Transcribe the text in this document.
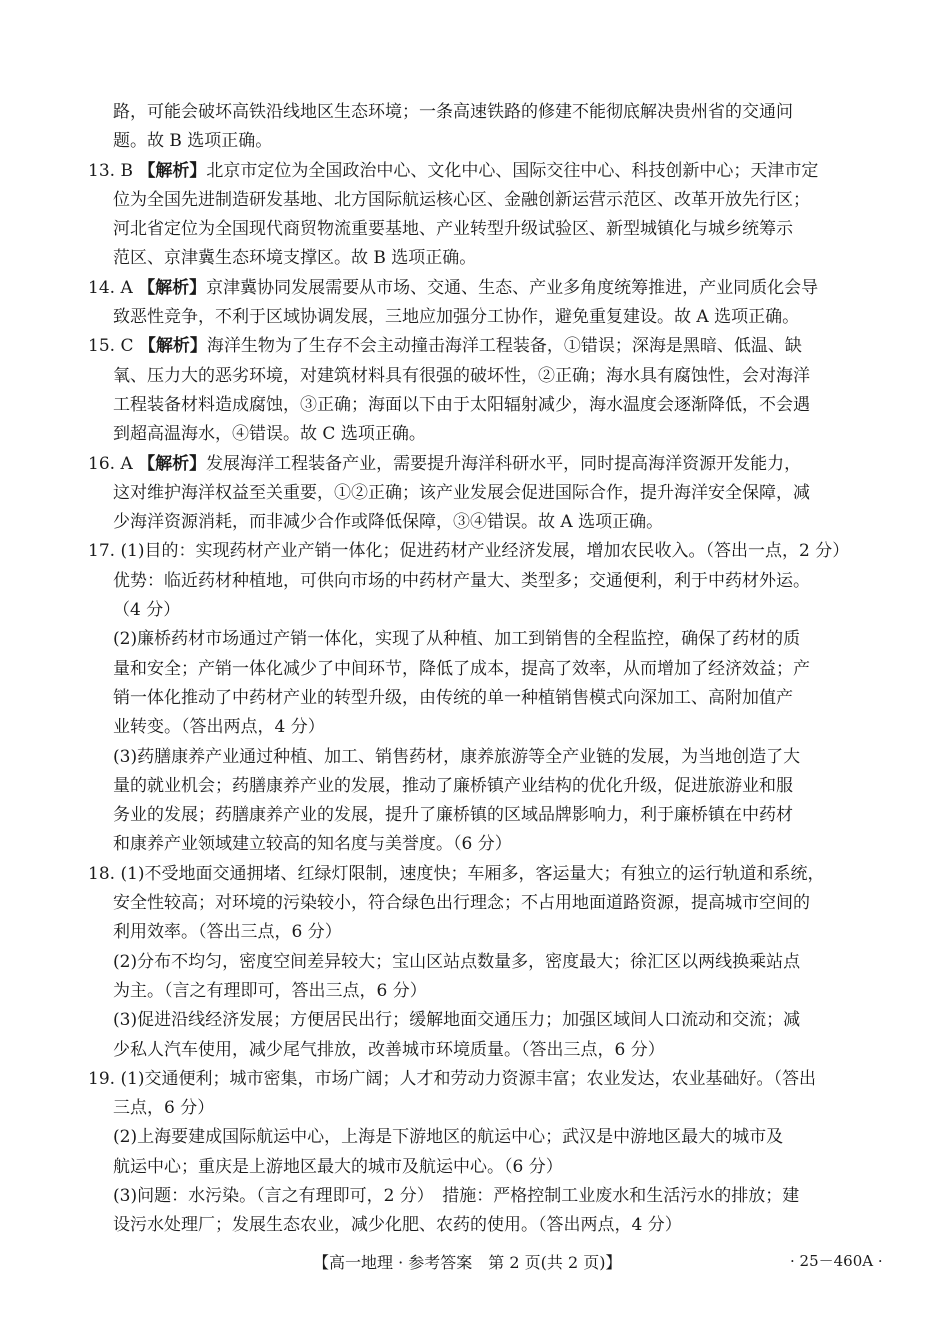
路，可能会破坏高铁沿线地区生态环境；一条高速铁路的修建不能彻底解决贵州省的交通问
题。故 B 选项正确。
13. B 【解析】北京市定位为全国政治中心、文化中心、国际交往中心、科技创新中心；天津市定
位为全国先进制造研发基地、北方国际航运核心区、金融创新运营示范区、改革开放先行区；
河北省定位为全国现代商贸物流重要基地、产业转型升级试验区、新型城镇化与城乡统筹示
范区、京津冀生态环境支撑区。故 B 选项正确。
14. A 【解析】京津冀协同发展需要从市场、交通、生态、产业多角度统筹推进，产业同质化会导
致恶性竞争，不利于区域协调发展，三地应加强分工协作，避免重复建设。故 A 选项正确。
15. C 【解析】海洋生物为了生存不会主动撞击海洋工程装备，①错误；深海是黑暗、低温、缺
氧、压力大的恶劣环境，对建筑材料具有很强的破坏性，②正确；海水具有腐蚀性，会对海洋
工程装备材料造成腐蚀，③正确；海面以下由于太阳辐射减少，海水温度会逐渐降低，不会遇
到超高温海水，④错误。故 C 选项正确。
16. A 【解析】发展海洋工程装备产业，需要提升海洋科研水平，同时提高海洋资源开发能力，
这对维护海洋权益至关重要，①②正确；该产业发展会促进国际合作，提升海洋安全保障，减
少海洋资源消耗，而非减少合作或降低保障，③④错误。故 A 选项正确。
17. (1)目的：实现药材产业产销一体化；促进药材产业经济发展，增加农民收入。（答出一点，2 分）
优势：临近药材种植地，可供向市场的中药材产量大、类型多；交通便利，利于中药材外运。
（4 分）
(2)廉桥药材市场通过产销一体化，实现了从种植、加工到销售的全程监控，确保了药材的质
量和安全；产销一体化减少了中间环节，降低了成本，提高了效率，从而增加了经济效益；产
销一体化推动了中药材产业的转型升级，由传统的单一种植销售模式向深加工、高附加值产
业转变。（答出两点，4 分）
(3)药膳康养产业通过种植、加工、销售药材，康养旅游等全产业链的发展，为当地创造了大
量的就业机会；药膳康养产业的发展，推动了廉桥镇产业结构的优化升级，促进旅游业和服
务业的发展；药膳康养产业的发展，提升了廉桥镇的区域品牌影响力，利于廉桥镇在中药材
和康养产业领域建立较高的知名度与美誉度。（6 分）
18. (1)不受地面交通拥堵、红绿灯限制，速度快；车厢多，客运量大；有独立的运行轨道和系统，
安全性较高；对环境的污染较小，符合绿色出行理念；不占用地面道路资源，提高城市空间的
利用效率。（答出三点，6 分）
(2)分布不均匀，密度空间差异较大；宝山区站点数量多，密度最大；徐汇区以两线换乘站点
为主。（言之有理即可，答出三点，6 分）
(3)促进沿线经济发展；方便居民出行；缓解地面交通压力；加强区域间人口流动和交流；减
少私人汽车使用，减少尾气排放，改善城市环境质量。（答出三点，6 分）
19. (1)交通便利；城市密集，市场广阔；人才和劳动力资源丰富；农业发达，农业基础好。（答出
三点，6 分）
(2)上海要建成国际航运中心，上海是下游地区的航运中心；武汉是中游地区最大的城市及
航运中心；重庆是上游地区最大的城市及航运中心。（6 分）
(3)问题：水污染。（言之有理即可，2 分）　措施：严格控制工业废水和生活污水的排放；建
设污水处理厂；发展生态农业，减少化肥、农药的使用。（答出两点，4 分）
【高一地理 · 参考答案　第 2 页(共 2 页)】	· 25－460A ·
